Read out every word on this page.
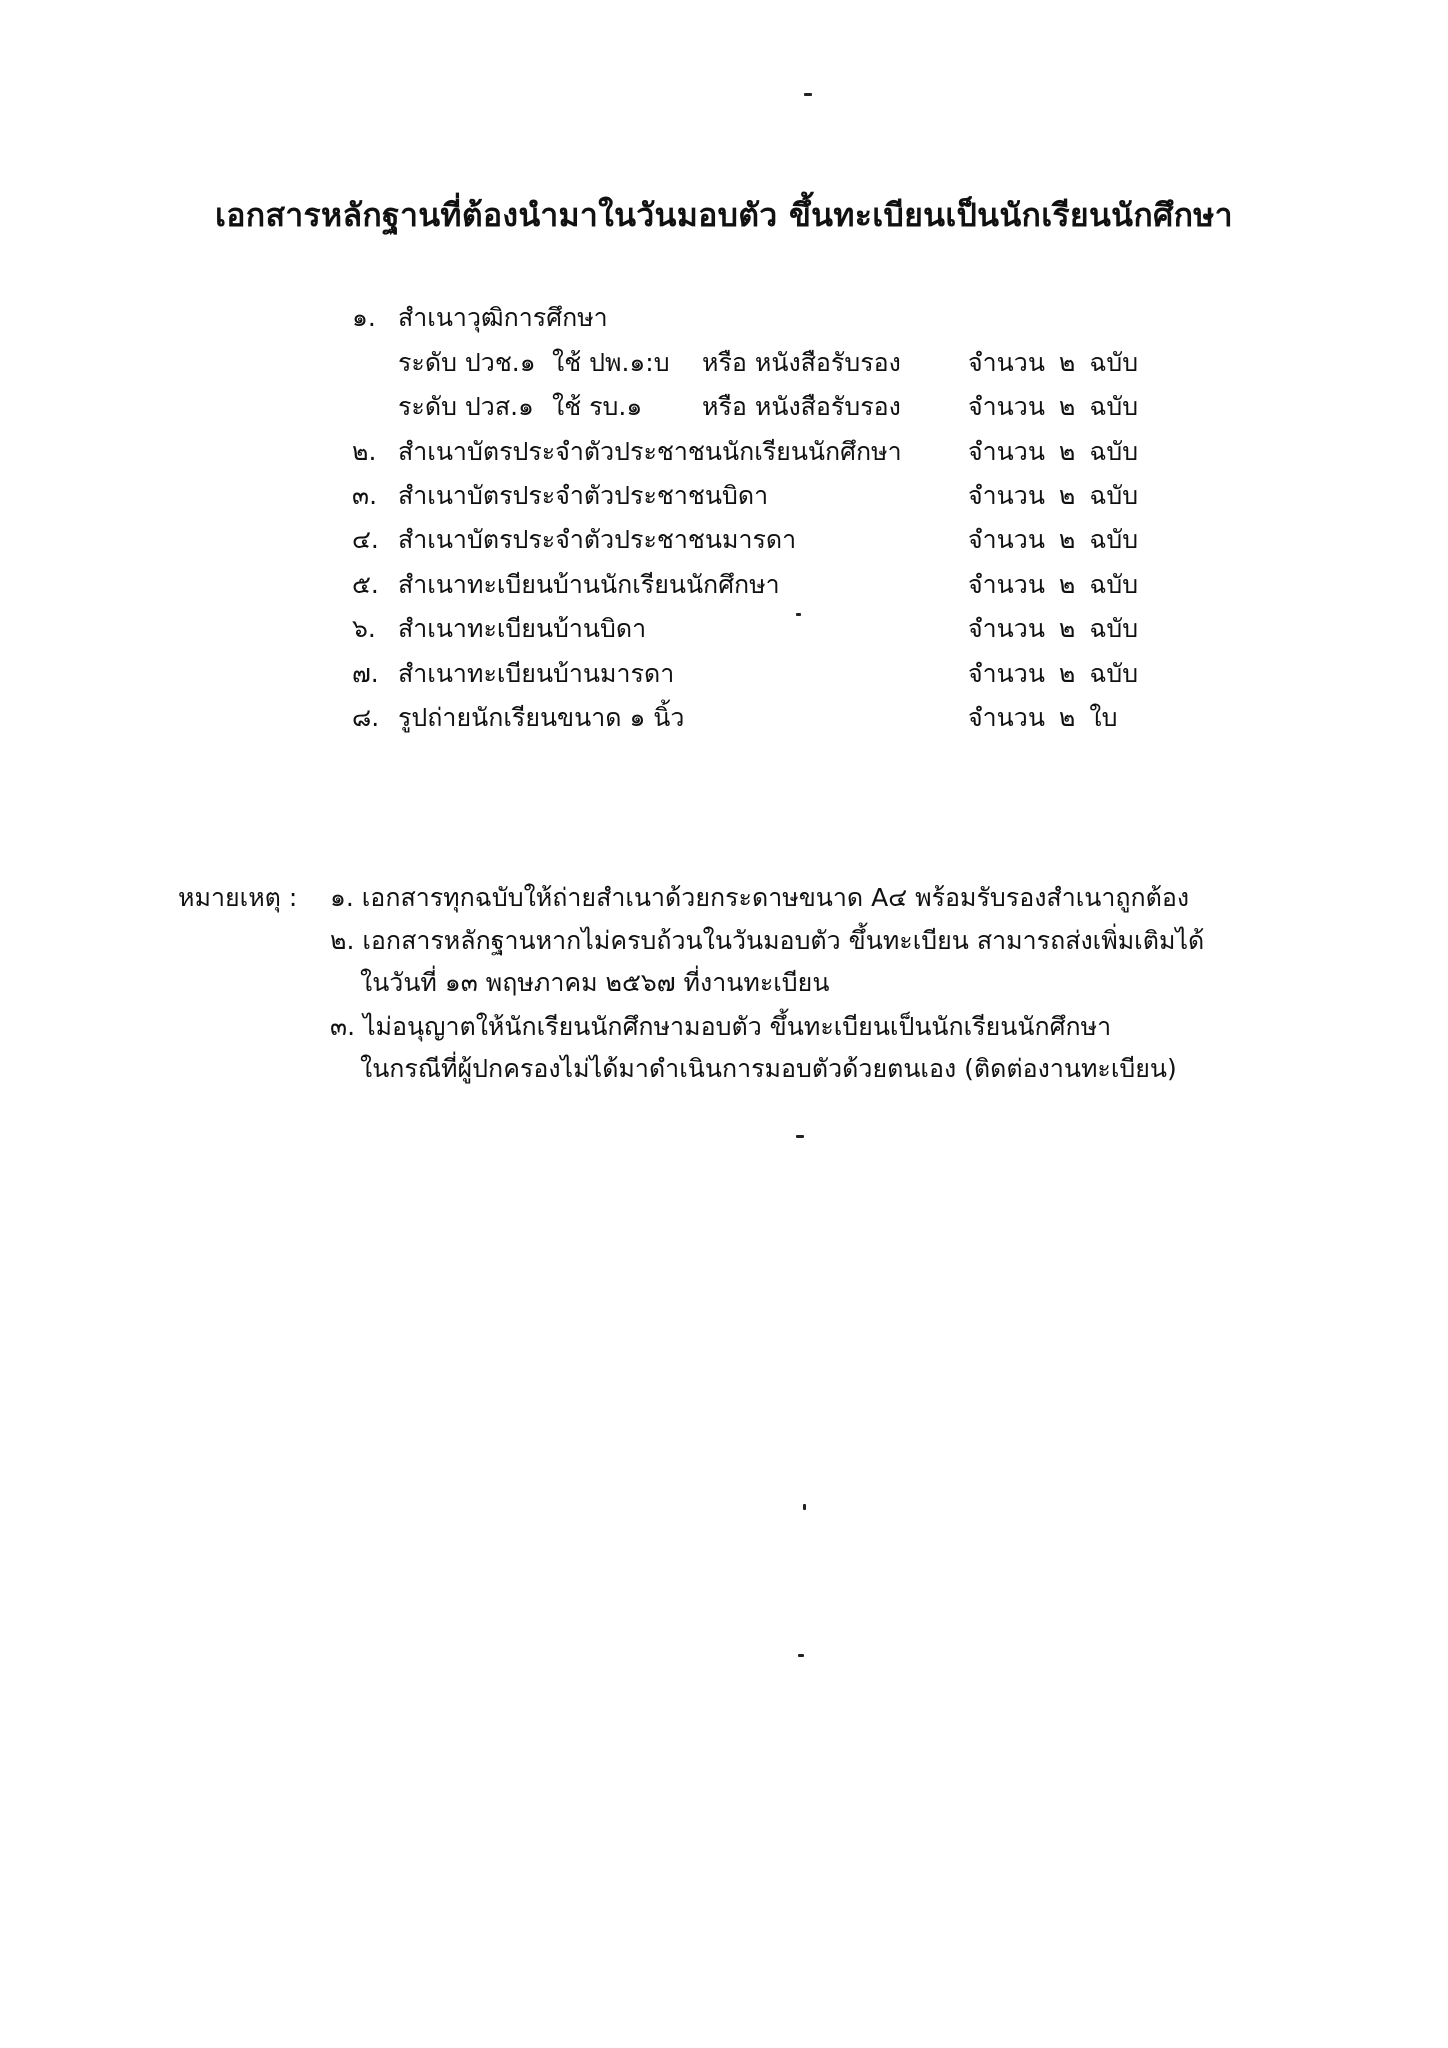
เอกสารหลักฐานที่ต้องนำมาในวันมอบตัว ขึ้นทะเบียนเป็นนักเรียนนักศึกษา
๑. สำเนาวุฒิการศึกษา
ระดับ ปวช.๑ ใช้ ปพ.๑:บ หรือ หนังสือรับรอง	จำนวน ๒ ฉบับ
ระดับ ปวส.๑ ใช้ รบ.๑ หรือ หนังสือรับรอง	จำนวน ๒ ฉบับ
๒. สำเนาบัตรประจำตัวประชาชนนักเรียนนักศึกษา	จำนวน ๒ ฉบับ
๓. สำเนาบัตรประจำตัวประชาชนบิดา	จำนวน ๒ ฉบับ
๔. สำเนาบัตรประจำตัวประชาชนมารดา	จำนวน ๒ ฉบับ
๕. สำเนาทะเบียนบ้านนักเรียนนักศึกษา	จำนวน ๒ ฉบับ
๖. สำเนาทะเบียนบ้านบิดา	จำนวน ๒ ฉบับ
๗. สำเนาทะเบียนบ้านมารดา	จำนวน ๒ ฉบับ
๘. รูปถ่ายนักเรียนขนาด ๑ นิ้ว	จำนวน ๒ ใบ
หมายเหตุ : ๑. เอกสารทุกฉบับให้ถ่ายสำเนาด้วยกระดาษขนาด A๔ พร้อมรับรองสำเนาถูกต้อง
๒. เอกสารหลักฐานหากไม่ครบถ้วนในวันมอบตัว ขึ้นทะเบียน สามารถส่งเพิ่มเติมได้
ในวันที่ ๑๓ พฤษภาคม ๒๕๖๗ ที่งานทะเบียน
๓. ไม่อนุญาตให้นักเรียนนักศึกษามอบตัว ขึ้นทะเบียนเป็นนักเรียนนักศึกษา
ในกรณีที่ผู้ปกครองไม่ได้มาดำเนินการมอบตัวด้วยตนเอง (ติดต่องานทะเบียน)
